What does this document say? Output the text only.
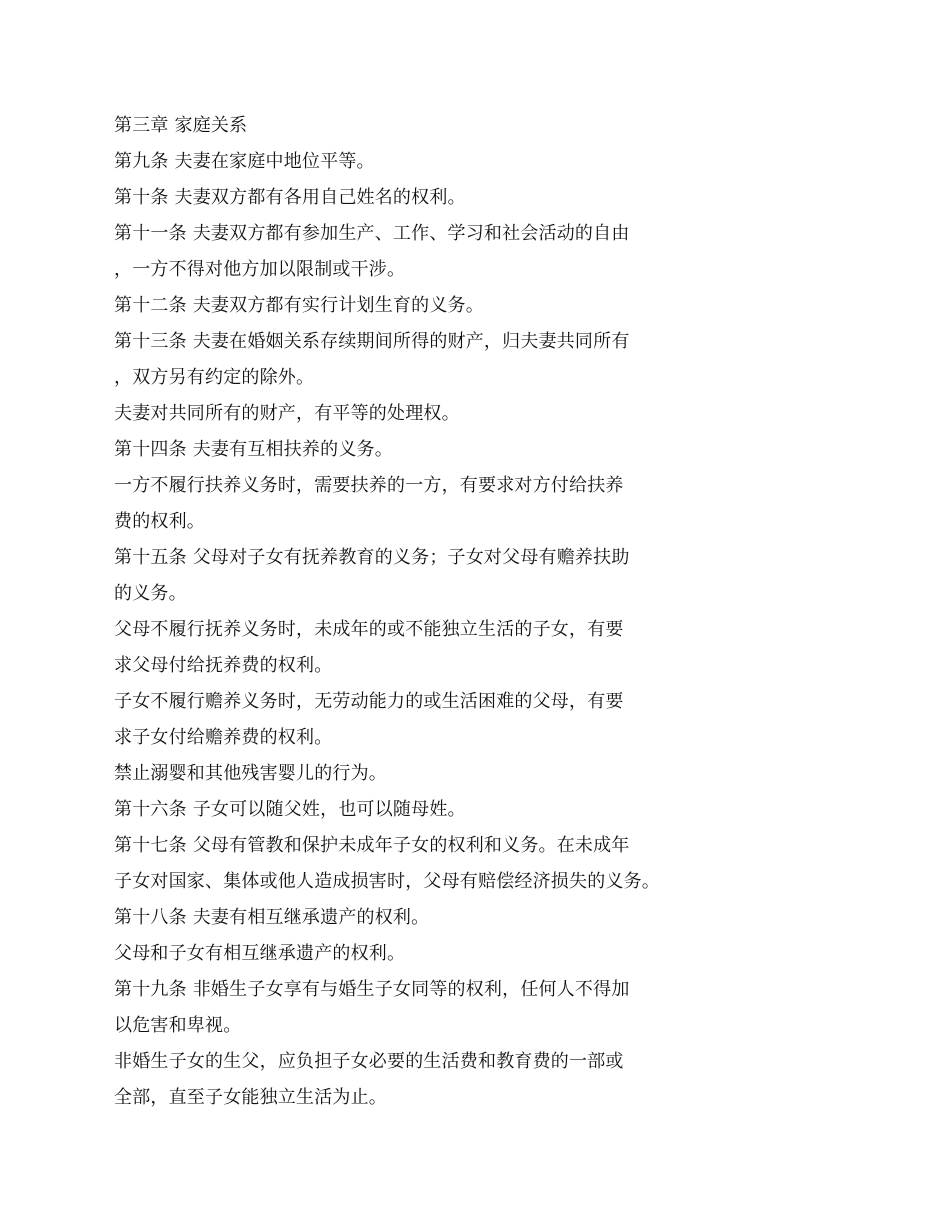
第三章 家庭关系
第九条 夫妻在家庭中地位平等。
第十条 夫妻双方都有各用自己姓名的权利。
第十一条 夫妻双方都有参加生产、工作、学习和社会活动的自由
，一方不得对他方加以限制或干涉。
第十二条 夫妻双方都有实行计划生育的义务。
第十三条 夫妻在婚姻关系存续期间所得的财产，归夫妻共同所有
，双方另有约定的除外。
夫妻对共同所有的财产，有平等的处理权。
第十四条 夫妻有互相扶养的义务。
一方不履行扶养义务时，需要扶养的一方，有要求对方付给扶养
费的权利。
第十五条 父母对子女有抚养教育的义务；子女对父母有赡养扶助
的义务。
父母不履行抚养义务时，未成年的或不能独立生活的子女，有要
求父母付给抚养费的权利。
子女不履行赡养义务时，无劳动能力的或生活困难的父母，有要
求子女付给赡养费的权利。
禁止溺婴和其他残害婴儿的行为。
第十六条 子女可以随父姓，也可以随母姓。
第十七条 父母有管教和保护未成年子女的权利和义务。在未成年
子女对国家、集体或他人造成损害时，父母有赔偿经济损失的义务。
第十八条 夫妻有相互继承遗产的权利。
父母和子女有相互继承遗产的权利。
第十九条 非婚生子女享有与婚生子女同等的权利，任何人不得加
以危害和卑视。
非婚生子女的生父，应负担子女必要的生活费和教育费的一部或
全部，直至子女能独立生活为止。
